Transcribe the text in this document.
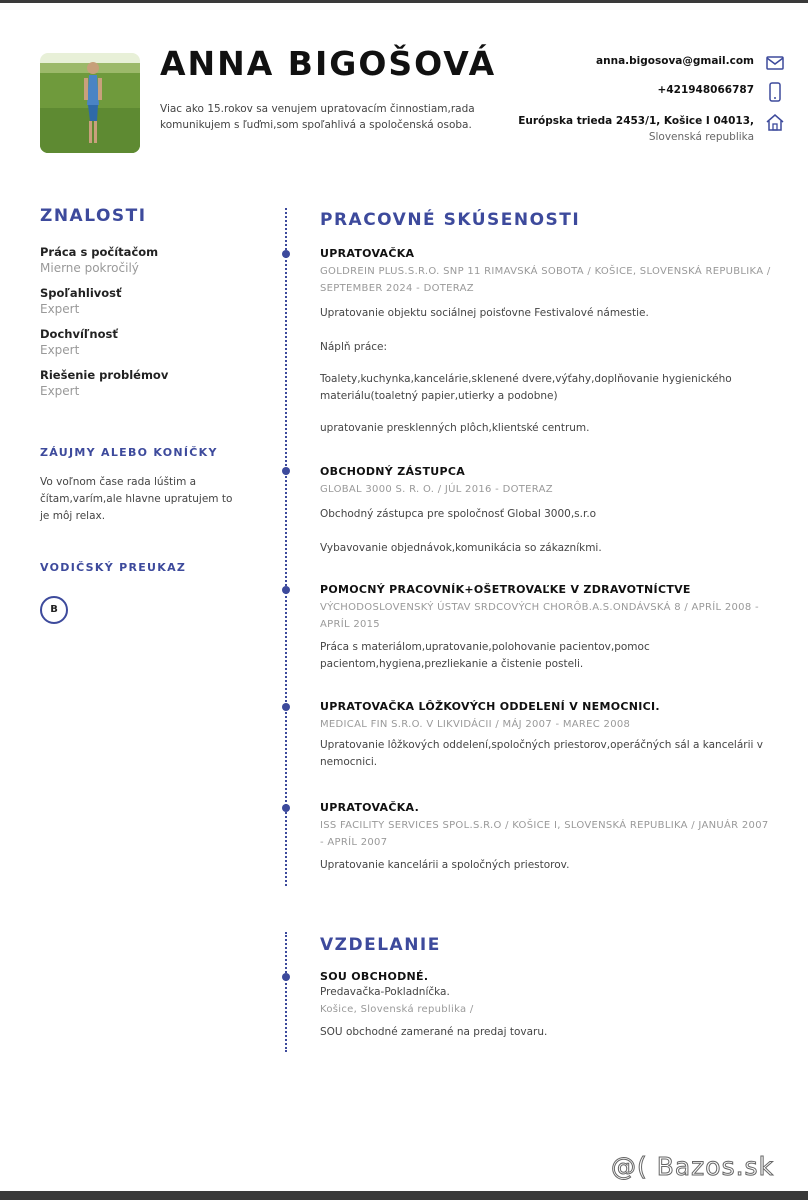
ANNA BIGOŠOVÁ
Viac ako 15.rokov sa venujem upratovacím činnostiam,rada komunikujem s ľuďmi,som spoľahlivá a spoločenská osoba.
anna.bigosova@gmail.com
+421948066787
Európska trieda 2453/1, Košice I 04013,
Slovenská republika
ZNALOSTI
Práca s počítačom
Mierne pokročilý
Spoľahlivosť
Expert
Dochvíľnosť
Expert
Riešenie problémov
Expert
ZÁUJMY ALEBO KONÍČKY
Vo voľnom čase rada lúštim a čítam,varím,ale hlavne upratujem to je môj relax.
VODIČSKÝ PREUKAZ
B
PRACOVNÉ SKÚSENOSTI
UPRATOVAČKA
GOLDREIN PLUS.S.R.O. SNP 11 RIMAVSKÁ SOBOTA / KOŠICE, SLOVENSKÁ REPUBLIKA / SEPTEMBER 2024 - DOTERAZ
Upratovanie objektu sociálnej poisťovne Festivalové námestie.
Náplň práce:
Toalety,kuchynka,kancelárie,sklenené dvere,výťahy,doplňovanie hygienického materiálu(toaletný papier,utierky a podobne)
upratovanie presklenných plôch,klientské centrum.
OBCHODNÝ ZÁSTUPCA
GLOBAL 3000 S. R. O. / JÚL 2016 - DOTERAZ
Obchodný zástupca pre spoločnosť Global 3000,s.r.o
Vybavovanie objednávok,komunikácia so zákazníkmi.
POMOCNÝ PRACOVNÍK+OŠETROVAĽKE V ZDRAVOTNÍCTVE
VÝCHODOSLOVENSKÝ ÚSTAV SRDCOVÝCH CHORÔB.A.S.ONDÁVSKÁ 8 / APRÍL 2008 - APRÍL 2015
Práca s materiálom,upratovanie,polohovanie pacientov,pomoc pacientom,hygiena,prezliekanie a čistenie posteli.
UPRATOVAČKA LÔŽKOVÝCH ODDELENÍ V NEMOCNICI.
MEDICAL FIN S.R.O. V LIKVIDÁCII / MÁJ 2007 - MAREC 2008
Upratovanie lôžkových oddelení,spoločných priestorov,operáčných sál a kancelárii v nemocnici.
UPRATOVAČKA.
ISS FACILITY SERVICES SPOL.S.R.O / KOŠICE I, SLOVENSKÁ REPUBLIKA / JANUÁR 2007 - APRÍL 2007
Upratovanie kancelárii a spoločných priestorov.
VZDELANIE
SOU OBCHODNÉ.
Predavačka-Pokladníčka.
Košice, Slovenská republika /
SOU obchodné zamerané na predaj tovaru.
@( Bazos.sk
